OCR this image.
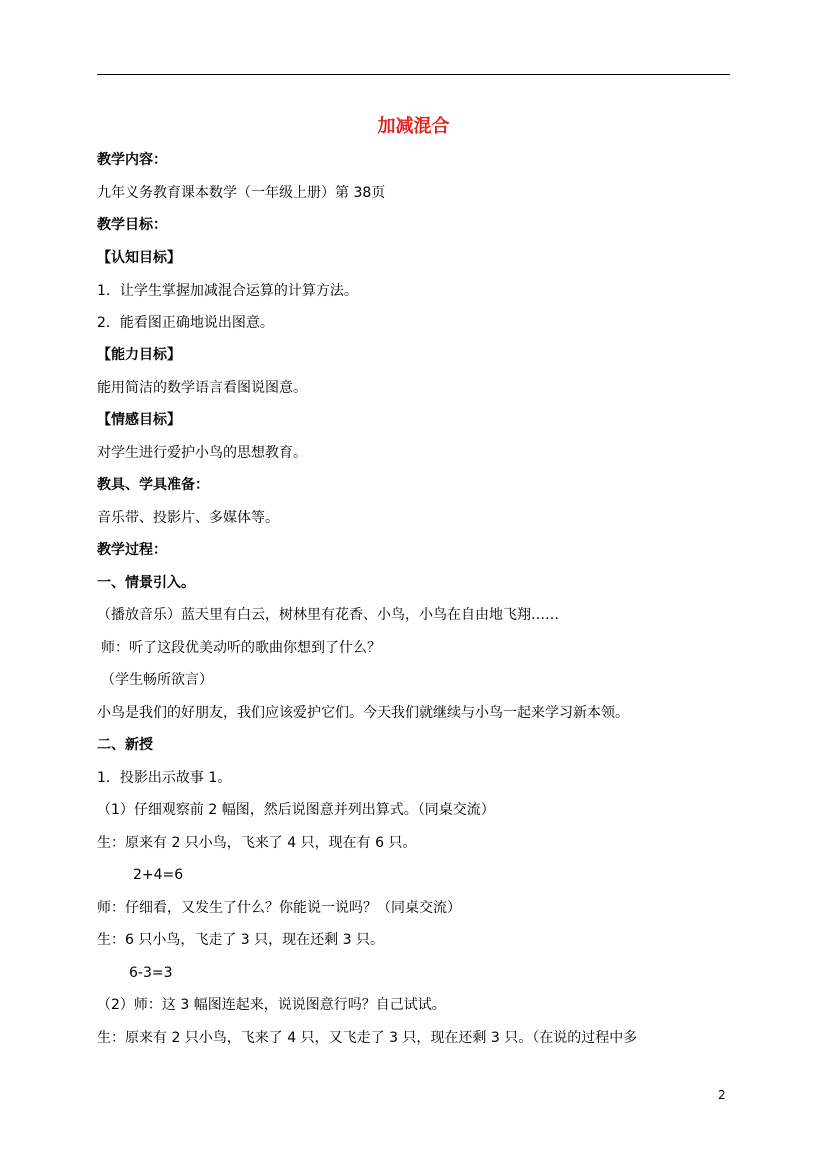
加减混合
教学内容：
九年义务教育课本数学（一年级上册）第 38页
教学目标：
【认知目标】
1．让学生掌握加减混合运算的计算方法。
2．能看图正确地说出图意。
【能力目标】
能用简洁的数学语言看图说图意。
【情感目标】
对学生进行爱护小鸟的思想教育。
教具、学具准备：
音乐带、投影片、多媒体等。
教学过程：
一、情景引入。
（播放音乐）蓝天里有白云，树林里有花香、小鸟，小鸟在自由地飞翔……
师：听了这段优美动听的歌曲你想到了什么？
（学生畅所欲言）
小鸟是我们的好朋友，我们应该爱护它们。今天我们就继续与小鸟一起来学习新本领。
二、新授
1．投影出示故事 1。
（1）仔细观察前 2 幅图，然后说图意并列出算式。（同桌交流）
生：原来有 2 只小鸟，飞来了 4 只，现在有 6 只。
2+4=6
师：仔细看，又发生了什么？你能说一说吗？（同桌交流）
生：6 只小鸟，飞走了 3 只，现在还剩 3 只。
6-3=3
（2）师：这 3 幅图连起来，说说图意行吗？自己试试。
生：原来有 2 只小鸟，飞来了 4 只，又飞走了 3 只，现在还剩 3 只。（在说的过程中多
2
